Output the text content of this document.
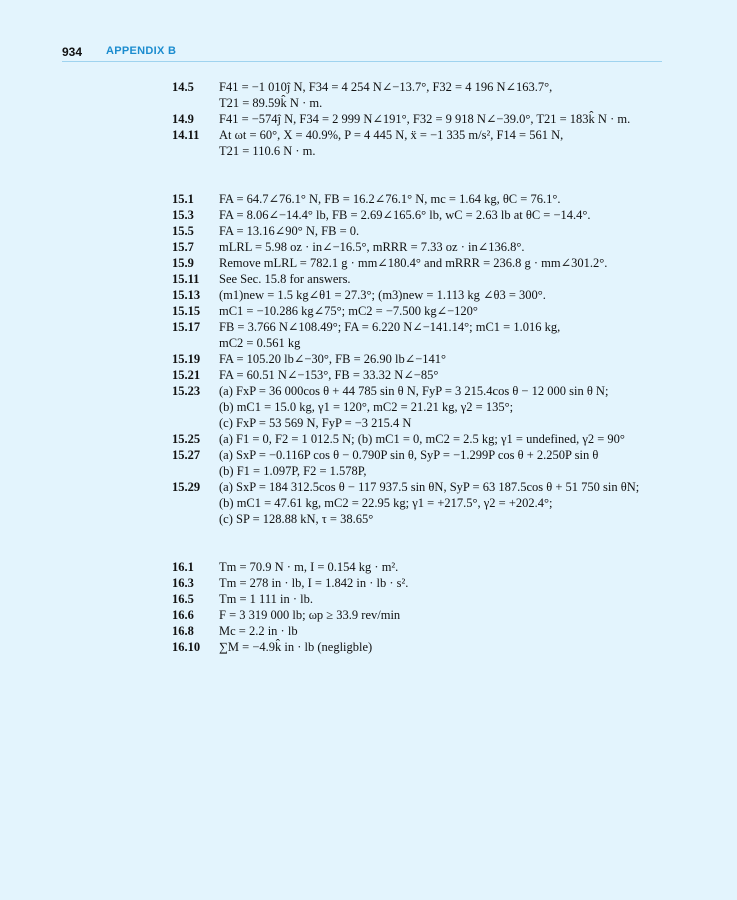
934 APPENDIX B
14.5	F41 = −1 010ĵ N, F34 = 4 254 N∠−13.7°, F32 = 4 196 N∠163.7°,
T21 = 89.59k̂ N · m.
14.9	F41 = −574ĵ N, F34 = 2 999 N∠191°, F32 = 9 918 N∠−39.0°, T21 = 183k̂ N · m.
14.11	At ωt = 60°, X = 40.9%, P = 4 445 N, ẍ = −1 335 m/s², F14 = 561 N,
T21 = 110.6 N · m.
15.1	FA = 64.7∠76.1° N, FB = 16.2∠76.1° N, mc = 1.64 kg, θC = 76.1°.
15.3	FA = 8.06∠−14.4° lb, FB = 2.69∠165.6° lb, wC = 2.63 lb at θC = −14.4°.
15.5	FA = 13.16∠90° N, FB = 0.
15.7	mLRL = 5.98 oz · in∠−16.5°, mRRR = 7.33 oz · in∠136.8°.
15.9	Remove mLRL = 782.1 g · mm∠180.4° and mRRR = 236.8 g · mm∠301.2°.
15.11	See Sec. 15.8 for answers.
15.13	(m1)new = 1.5 kg∠θ1 = 27.3°; (m3)new = 1.113 kg ∠θ3 = 300°.
15.15	mC1 = −10.286 kg∠75°; mC2 = −7.500 kg∠−120°
15.17	FB = 3.766 N∠108.49°; FA = 6.220 N∠−141.14°; mC1 = 1.016 kg,
mC2 = 0.561 kg
15.19	FA = 105.20 lb∠−30°, FB = 26.90 lb∠−141°
15.21	FA = 60.51 N∠−153°, FB = 33.32 N∠−85°
15.23	(a) FxP = 36 000cos θ + 44 785 sin θ N, FyP = 3 215.4cos θ − 12 000 sin θ N;
(b) mC1 = 15.0 kg, γ1 = 120°, mC2 = 21.21 kg, γ2 = 135°;
(c) FxP = 53 569 N, FyP = −3 215.4 N
15.25	(a) F1 = 0, F2 = 1 012.5 N; (b) mC1 = 0, mC2 = 2.5 kg; γ1 = undefined, γ2 = 90°
15.27	(a) SxP = −0.116P cos θ − 0.790P sin θ, SyP = −1.299P cos θ + 2.250P sin θ
(b) F1 = 1.097P, F2 = 1.578P,
15.29	(a) SxP = 184 312.5cos θ − 117 937.5 sin θN, SyP = 63 187.5cos θ + 51 750 sin θN;
(b) mC1 = 47.61 kg, mC2 = 22.95 kg; γ1 = +217.5°, γ2 = +202.4°;
(c) SP = 128.88 kN, τ = 38.65°
16.1	Tm = 70.9 N · m, I = 0.154 kg · m².
16.3	Tm = 278 in · lb, I = 1.842 in · lb · s².
16.5	Tm = 1 111 in · lb.
16.6	F = 3 319 000 lb; ωp ≥ 33.9 rev/min
16.8	Mc = 2.2 in · lb
16.10	∑M = −4.9k̂ in · lb (negligble)
